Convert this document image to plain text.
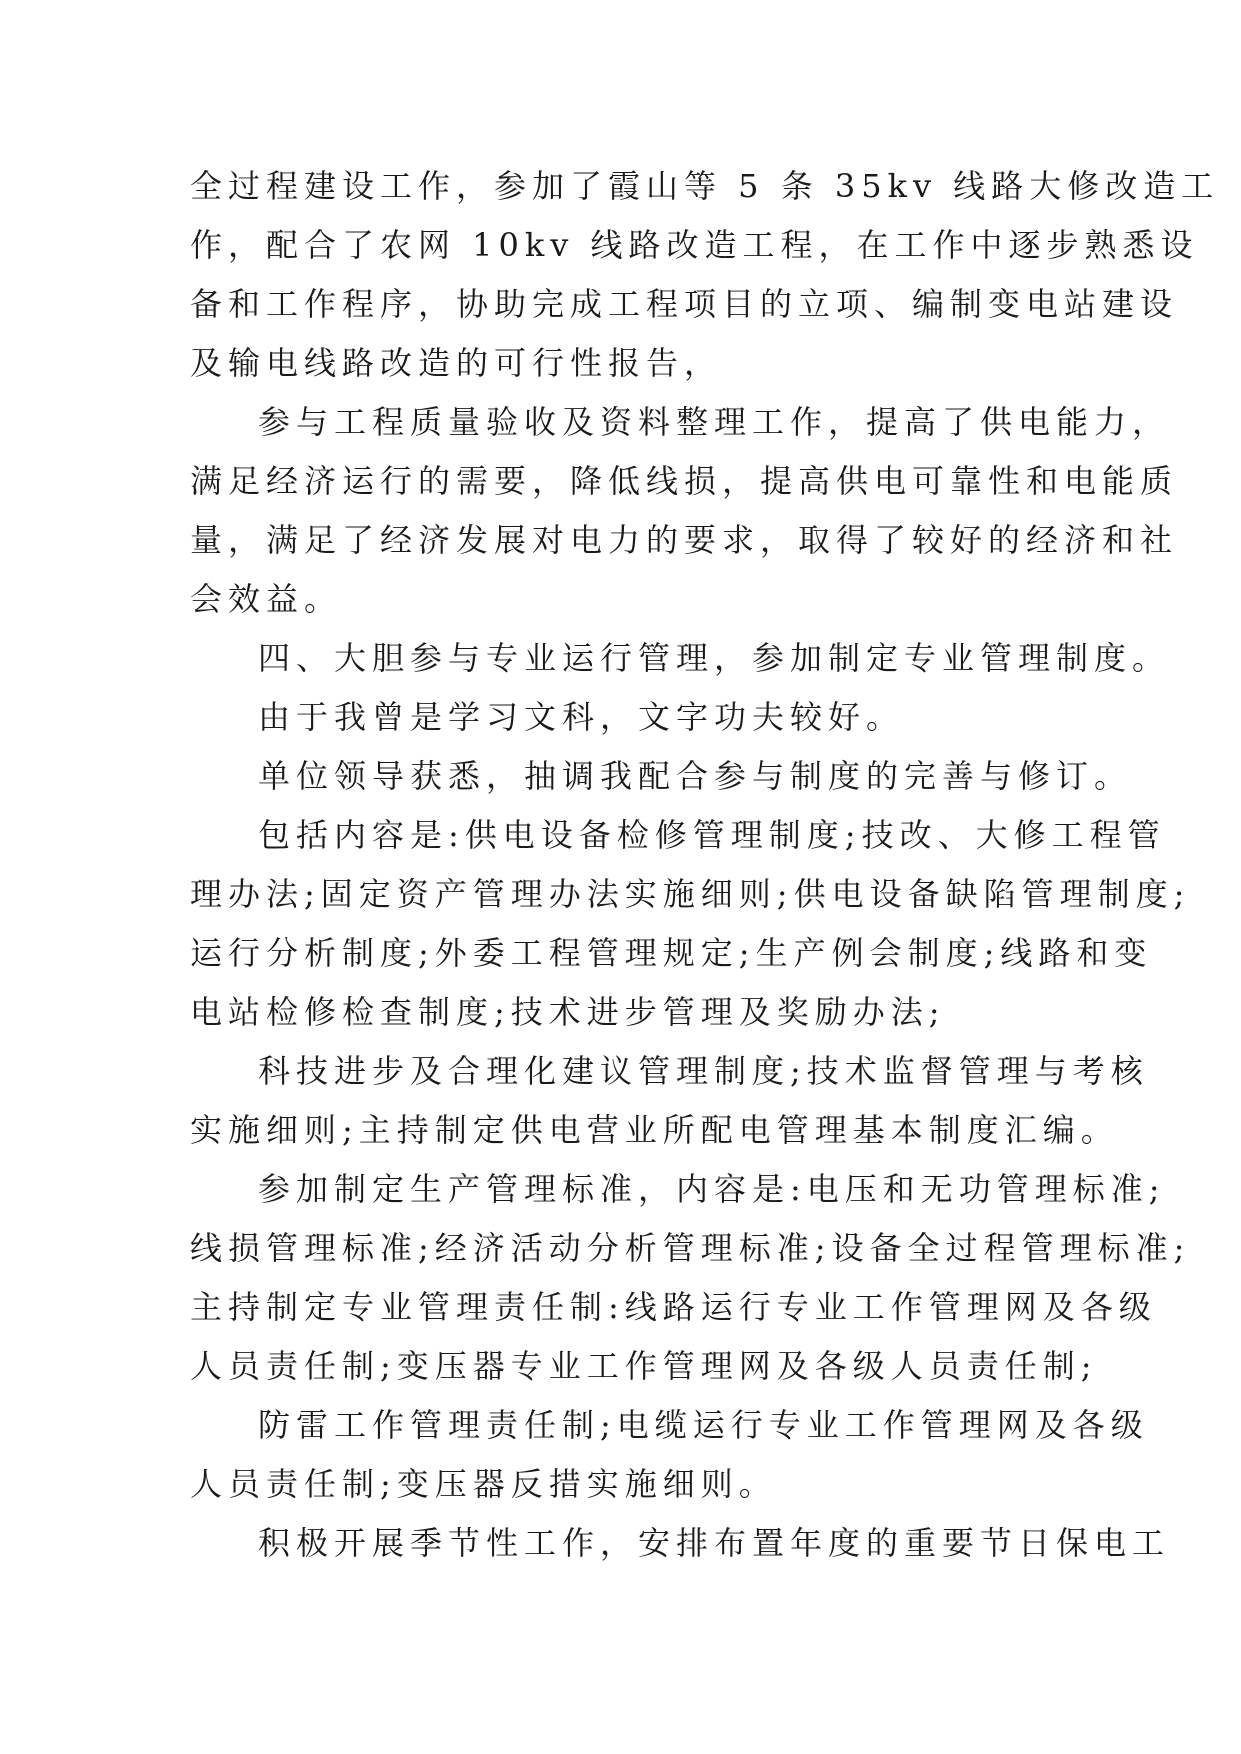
全过程建设工作，参加了霞山等 5 条 35kv 线路大修改造工
作，配合了农网 10kv 线路改造工程，在工作中逐步熟悉设
备和工作程序，协助完成工程项目的立项、编制变电站建设
及输电线路改造的可行性报告，
参与工程质量验收及资料整理工作，提高了供电能力，
满足经济运行的需要，降低线损，提高供电可靠性和电能质
量，满足了经济发展对电力的要求，取得了较好的经济和社
会效益。
四、大胆参与专业运行管理，参加制定专业管理制度。
由于我曾是学习文科，文字功夫较好。
单位领导获悉，抽调我配合参与制度的完善与修订。
包括内容是:供电设备检修管理制度;技改、大修工程管
理办法;固定资产管理办法实施细则;供电设备缺陷管理制度;
运行分析制度;外委工程管理规定;生产例会制度;线路和变
电站检修检查制度;技术进步管理及奖励办法;
科技进步及合理化建议管理制度;技术监督管理与考核
实施细则;主持制定供电营业所配电管理基本制度汇编。
参加制定生产管理标准，内容是:电压和无功管理标准;
线损管理标准;经济活动分析管理标准;设备全过程管理标准;
主持制定专业管理责任制:线路运行专业工作管理网及各级
人员责任制;变压器专业工作管理网及各级人员责任制;
防雷工作管理责任制;电缆运行专业工作管理网及各级
人员责任制;变压器反措实施细则。
积极开展季节性工作，安排布置年度的重要节日保电工
